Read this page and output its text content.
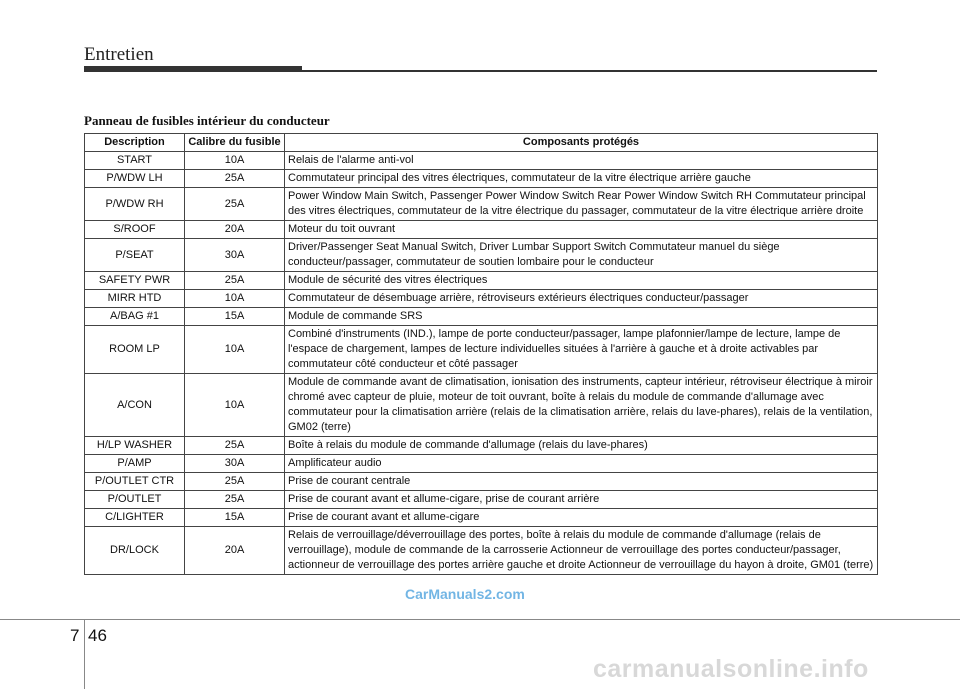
Entretien
Panneau de fusibles intérieur du conducteur
Description	Calibre du fusible	Composants protégés
START	10A	Relais de l'alarme anti-vol
P/WDW LH	25A	Commutateur principal des vitres électriques, commutateur de la vitre électrique arrière gauche
P/WDW RH	25A	Power Window Main Switch, Passenger Power Window Switch Rear Power Window Switch RH Commutateur principal des vitres électriques, commutateur de la vitre électrique du passager, commutateur de la vitre électrique arrière droite
S/ROOF	20A	Moteur du toit ouvrant
P/SEAT	30A	Driver/Passenger Seat Manual Switch, Driver Lumbar Support Switch Commutateur manuel du siège conducteur/passager, commutateur de soutien lombaire pour le conducteur
SAFETY PWR	25A	Module de sécurité des vitres électriques
MIRR HTD	10A	Commutateur de désembuage arrière, rétroviseurs extérieurs électriques conducteur/passager
A/BAG #1	15A	Module de commande SRS
ROOM LP	10A	Combiné d'instruments (IND.), lampe de porte conducteur/passager, lampe plafonnier/lampe de lecture, lampe de l'espace de chargement, lampes de lecture individuelles situées à l'arrière à gauche et à droite activables par commutateur côté conducteur et côté passager
A/CON	10A	Module de commande avant de climatisation, ionisation des instruments, capteur intérieur, rétroviseur électrique à miroir chromé avec capteur de pluie, moteur de toit ouvrant, boîte à relais du module de commande d'allumage avec commutateur pour la climatisation arrière (relais de la climatisation arrière, relais du lave-phares), relais de la ventilation, GM02 (terre)
H/LP WASHER	25A	Boîte à relais du module de commande d'allumage (relais du lave-phares)
P/AMP	30A	Amplificateur audio
P/OUTLET CTR	25A	Prise de courant centrale
P/OUTLET	25A	Prise de courant avant et allume-cigare, prise de courant arrière
C/LIGHTER	15A	Prise de courant avant et allume-cigare
DR/LOCK	20A	Relais de verrouillage/déverrouillage des portes, boîte à relais du module de commande d'allumage (relais de verrouillage), module de commande de la carrosserie Actionneur de verrouillage des portes conducteur/passager, actionneur de verrouillage des portes arrière gauche et droite Actionneur de verrouillage du hayon à droite, GM01 (terre)
CarManuals2.com
7 46
carmanualsonline.info
